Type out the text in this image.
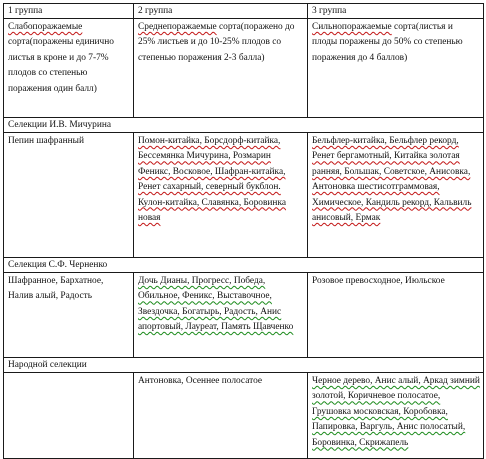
1 группа	2 группа	3 группа
Слабопоражаемые сорта(поражены единично листья в кроне и до 7-7% плодов со степенью поражения один балл)	Среднепоражаемые сорта(поражено до 25% листьев и до 10-25% плодов со степенью поражения 2-3 балла)	Сильнопоражаемые сорта(листья и плоды поражены до 50% со степенью поражения до 4 баллов)
Селекции И.В. Мичурина		
Пепин шафранный	Помон-китайка, Борсдорф-китайка, Бессемянка Мичурина, Розмарин Феникс, Восковое, Шафран-китайка, Ренет сахарный, северный букблон. Кулон-китайка, Славянка, Боровинка новая	Бельфлер-китайка, Бельфлер рекорд, Ренет бергамотный, Китайка золотая ранняя, Большак, Советское, Анисовка, Антоновка шестисотграммовая, Химическое, Кандиль рекорд, Кальвиль анисовый, Ермак
Селекция С.Ф. Черненко		
Шафранное, Бархатное, Налив алый, Радость	Дочь Дианы, Прогресс, Победа, Обильное, Феникс, Выставочное, Звездочка, Богатырь, Радость, Анис апортовый, Лауреат, Память Щавченко	Розовое превосходное, Июльское
Народной селекции		
	Антоновка, Осеннее полосатое	Черное дерево, Анис алый, Аркад зимний золотой, Коричневое полосатое, Грушовка московская, Коробовка, Папировка, Варгуль, Анис полосатый, Боровинка, Скрижапель
